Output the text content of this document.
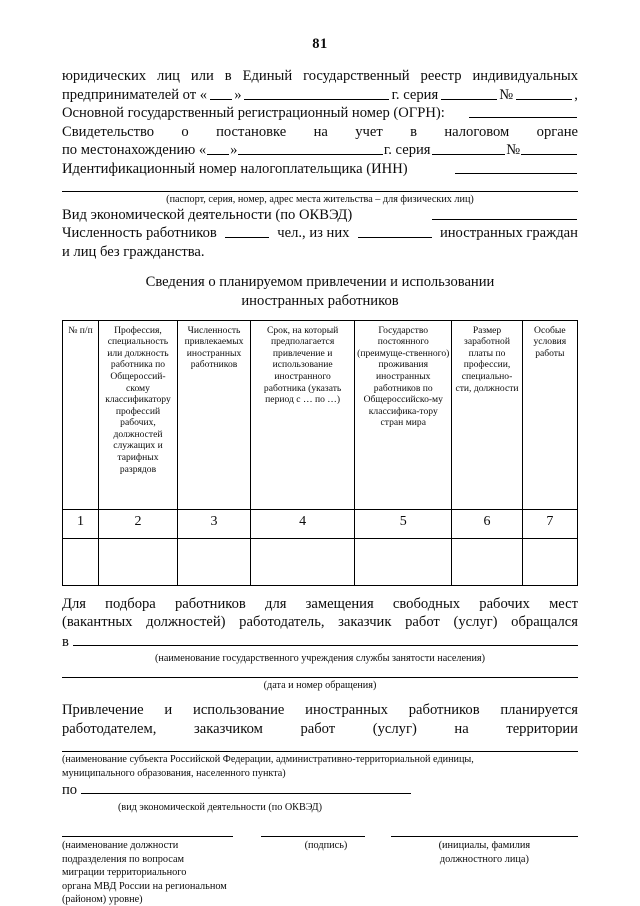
81
юридических лиц или в Единый государственный реестр индивидуальных
предпринимателей от « »	г. серия	№	,
Основной государственный регистрационный номер (ОГРН):
Свидетельство о постановке на учет в налоговом органе
по местонахождению « »	г. серия	№
Идентификационный номер налогоплательщика (ИНН)
(паспорт, серия, номер, адрес места жительства – для физических лиц)
Вид экономической деятельности (по ОКВЭД)
Численность работников	чел., из них	иностранных граждан
и лиц без гражданства.
Сведения о планируемом привлечении и использовании
иностранных работников
№ п/п	Профессия, специальность или должность работника по Общероссий-скому классификатору профессий рабочих, должностей служащих и тарифных разрядов	Численность привлекаемых иностранных работников	Срок, на который предполагается привлечение и использование иностранного работника (указать период с … по …)	Государство постоянного (преимуще-ственного) проживания иностранных работников по Общероссийско-му классифика-тору стран мира	Размер заработной платы по профессии, специально-сти, должности	Особые условия работы
1	2	3	4	5	6	7

Для подбора работников для замещения свободных рабочих мест
(вакантных должностей) работодатель, заказчик работ (услуг) обращался
в
(наименование государственного учреждения службы занятости населения)
(дата и номер обращения)
Привлечение и использование иностранных работников планируется
работодателем, заказчиком работ (услуг) на территории
(наименование субъекта Российской Федерации, административно-территориальной единицы,
муниципального образования, населенного пункта)
по
(вид экономической деятельности (по ОКВЭД)
(наименование должности
подразделения по вопросам
миграции территориального
органа МВД России на региональном
(районом) уровне)
(подпись)	(инициалы, фамилия
должностного лица)
